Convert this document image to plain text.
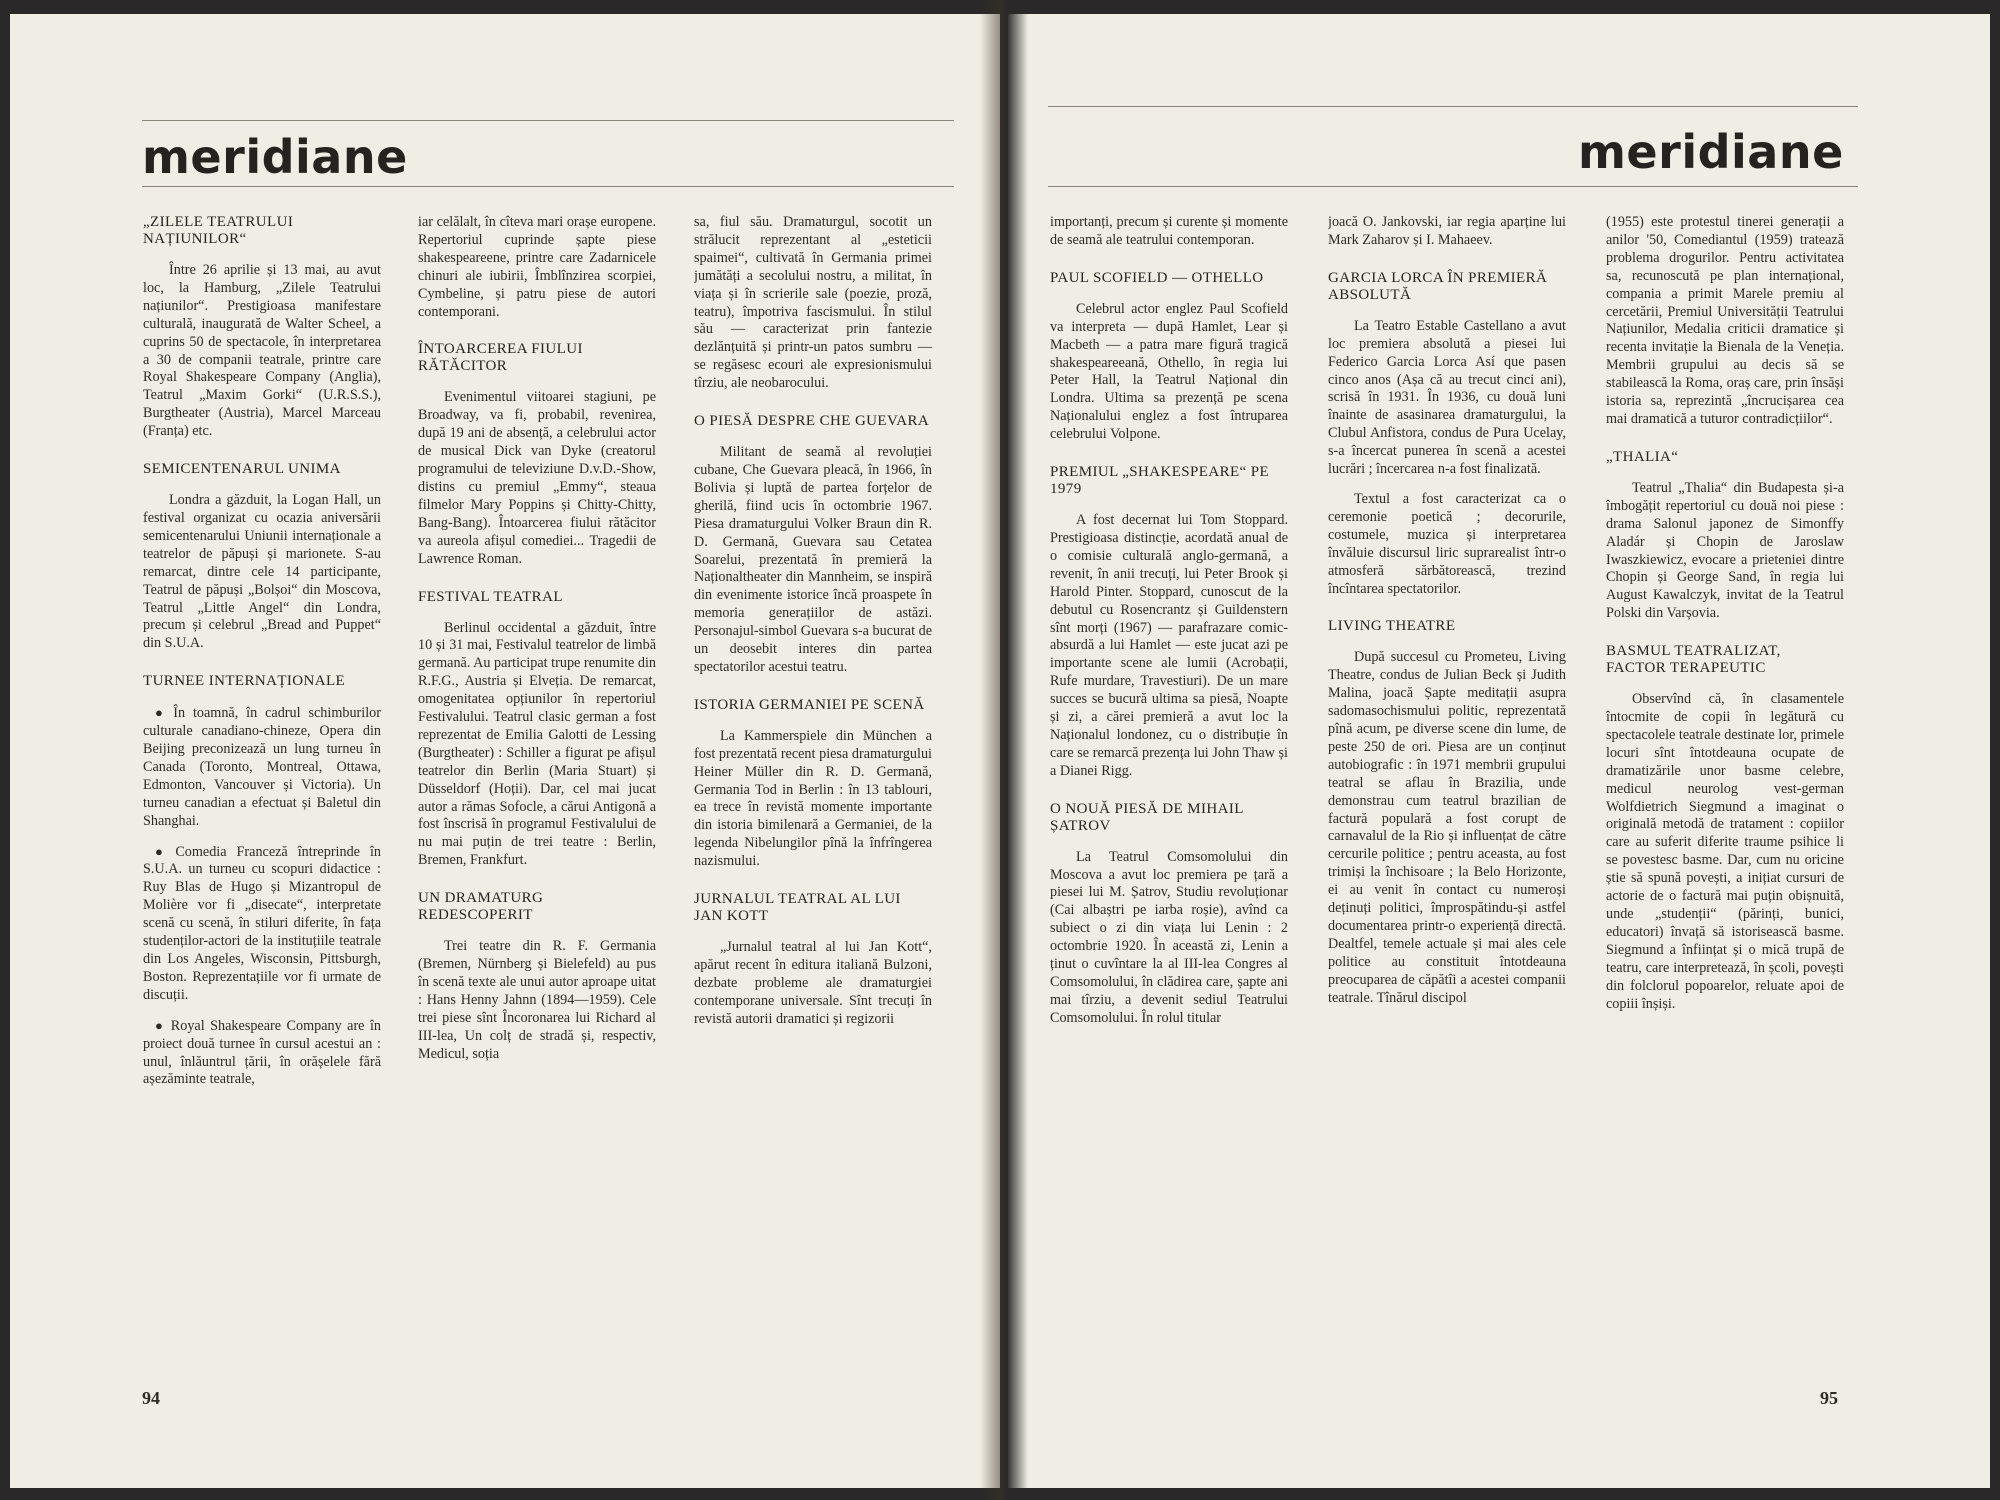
meridiane
„ZILELE TEATRULUI NAȚIUNILOR“

Între 26 aprilie și 13 mai, au avut loc, la Hamburg, „Zilele Teatrului națiunilor“. Prestigioasa manifestare culturală, inaugurată de Walter Scheel, a cuprins 50 de spectacole, în interpretarea a 30 de companii teatrale, printre care Royal Shakespeare Company (Anglia), Teatrul „Maxim Gorki“ (U.R.S.S.), Burgtheater (Austria), Marcel Marceau (Franța) etc.

SEMICENTENARUL UNIMA

Londra a găzduit, la Logan Hall, un festival organizat cu ocazia aniversării semicentenarului Uniunii internaționale a teatrelor de păpuși și marionete. S-au remarcat, dintre cele 14 participante, Teatrul de păpuși „Bolșoi“ din Moscova, Teatrul „Little Angel“ din Londra, precum și celebrul „Bread and Puppet“ din S.U.A.

TURNEE INTERNAȚIONALE

● În toamnă, în cadrul schimburilor culturale canadiano-chineze, Opera din Beijing preconizează un lung turneu în Canada (Toronto, Montreal, Ottawa, Edmonton, Vancouver și Victoria). Un turneu canadian a efectuat și Baletul din Shanghai.

● Comedia Franceză întreprinde în S.U.A. un turneu cu scopuri didactice : Ruy Blas de Hugo și Mizantropul de Molière vor fi „disecate“, interpretate scenă cu scenă, în stiluri diferite, în fața studenților-actori de la instituțiile teatrale din Los Angeles, Wisconsin, Pittsburgh, Boston. Reprezentațiile vor fi urmate de discuții.

● Royal Shakespeare Company are în proiect două turnee în cursul acestui an : unul, înlăuntrul țării, în orășelele fără așezăminte teatrale,

iar celălalt, în cîteva mari orașe europene. Repertoriul cuprinde șapte piese shakespeareene, printre care Zadarnicele chinuri ale iubirii, Îmblînzirea scorpiei, Cymbeline, și patru piese de autori contemporani.

ÎNTOARCEREA FIULUI RĂTĂCITOR

Evenimentul viitoarei stagiuni, pe Broadway, va fi, probabil, revenirea, după 19 ani de absență, a celebrului actor de musical Dick van Dyke (creatorul programului de televiziune D.v.D.-Show, distins cu premiul „Emmy“, steaua filmelor Mary Poppins și Chitty-Chitty, Bang-Bang). Întoarcerea fiului rătăcitor va aureola afișul comediei... Tragedii de Lawrence Roman.

FESTIVAL TEATRAL

Berlinul occidental a găzduit, între 10 și 31 mai, Festivalul teatrelor de limbă germană. Au participat trupe renumite din R.F.G., Austria și Elveția. De remarcat, omogenitatea opțiunilor în repertoriul Festivalului. Teatrul clasic german a fost reprezentat de Emilia Galotti de Lessing (Burgtheater) : Schiller a figurat pe afișul teatrelor din Berlin (Maria Stuart) și Düsseldorf (Hoții). Dar, cel mai jucat autor a rămas Sofocle, a cărui Antigonă a fost înscrisă în programul Festivalului de nu mai puțin de trei teatre : Berlin, Bremen, Frankfurt.

UN DRAMATURG REDESCOPERIT

Trei teatre din R. F. Germania (Bremen, Nürnberg și Bielefeld) au pus în scenă texte ale unui autor aproape uitat : Hans Henny Jahnn (1894—1959). Cele trei piese sînt Încoronarea lui Richard al III-lea, Un colț de stradă și, respectiv, Medicul, soția

sa, fiul său. Dramaturgul, socotit un strălucit reprezentant al „esteticii spaimei“, cultivată în Germania primei jumătăți a secolului nostru, a militat, în viața și în scrierile sale (poezie, proză, teatru), împotriva fascismului. În stilul său — caracterizat prin fantezie dezlănțuită și printr-un patos sumbru — se regăsesc ecouri ale expresionismului tîrziu, ale neobarocului.

O PIESĂ DESPRE CHE GUEVARA

Militant de seamă al revoluției cubane, Che Guevara pleacă, în 1966, în Bolivia și luptă de partea forțelor de gherilă, fiind ucis în octombrie 1967. Piesa dramaturgului Volker Braun din R. D. Germană, Guevara sau Cetatea Soarelui, prezentată în premieră la Naționaltheater din Mannheim, se inspiră din evenimente istorice încă proaspete în memoria generațiilor de astăzi. Personajul-simbol Guevara s-a bucurat de un deosebit interes din partea spectatorilor acestui teatru.

ISTORIA GERMANIEI PE SCENĂ

La Kammerspiele din München a fost prezentată recent piesa dramaturgului Heiner Müller din R. D. Germană, Germania Tod in Berlin : în 13 tablouri, ea trece în revistă momente importante din istoria bimilenară a Germaniei, de la legenda Nibelungilor pînă la înfrîngerea nazismului.

JURNALUL TEATRAL AL LUI JAN KOTT

„Jurnalul teatral al lui Jan Kott“, apărut recent în editura italiană Bulzoni, dezbate probleme ale dramaturgiei contemporane universale. Sînt trecuți în revistă autorii dramatici și regizorii

94
meridiane

importanți, precum și curente și momente de seamă ale teatrului contemporan.

PAUL SCOFIELD — OTHELLO

Celebrul actor englez Paul Scofield va interpreta — după Hamlet, Lear și Macbeth — a patra mare figură tragică shakespeareeană, Othello, în regia lui Peter Hall, la Teatrul Național din Londra. Ultima sa prezență pe scena Naționalului englez a fost întruparea celebrului Volpone.

PREMIUL „SHAKESPEARE“ PE 1979

A fost decernat lui Tom Stoppard. Prestigioasa distincție, acordată anual de o comisie culturală anglo-germană, a revenit, în anii trecuți, lui Peter Brook și Harold Pinter. Stoppard, cunoscut de la debutul cu Rosencrantz și Guildenstern sînt morți (1967) — parafrazare comic-absurdă a lui Hamlet — este jucat azi pe importante scene ale lumii (Acrobații, Rufe murdare, Travestiuri). De un mare succes se bucură ultima sa piesă, Noapte și zi, a cărei premieră a avut loc la Naționalul londonez, cu o distribuție în care se remarcă prezența lui John Thaw și a Dianei Rigg.

O NOUĂ PIESĂ DE MIHAIL ȘATROV

La Teatrul Comsomolului din Moscova a avut loc premiera pe țară a piesei lui M. Șatrov, Studiu revoluționar (Cai albaștri pe iarba roșie), avînd ca subiect o zi din viața lui Lenin : 2 octombrie 1920. În această zi, Lenin a ținut o cuvîntare la al III-lea Congres al Comsomolului, în clădirea care, șapte ani mai tîrziu, a devenit sediul Teatrului Comsomolului. În rolul titular

joacă O. Jankovski, iar regia aparține lui Mark Zaharov și I. Mahaeev.

GARCIA LORCA ÎN PREMIERĂ ABSOLUTĂ

La Teatro Estable Castellano a avut loc premiera absolută a piesei lui Federico Garcia Lorca Así que pasen cinco anos (Așa că au trecut cinci ani), scrisă în 1931. În 1936, cu două luni înainte de asasinarea dramaturgului, la Clubul Anfistora, condus de Pura Ucelay, s-a încercat punerea în scenă a acestei lucrări ; încercarea n-a fost finalizată.

Textul a fost caracterizat ca o ceremonie poetică ; decorurile, costumele, muzica și interpretarea învăluie discursul liric suprarealist într-o atmosferă sărbătorească, trezind încîntarea spectatorilor.

LIVING THEATRE

După succesul cu Prometeu, Living Theatre, condus de Julian Beck și Judith Malina, joacă Șapte meditații asupra sadomasochismului politic, reprezentată pînă acum, pe diverse scene din lume, de peste 250 de ori. Piesa are un conținut autobiografic : în 1971 membrii grupului teatral se aflau în Brazilia, unde demonstrau cum teatrul brazilian de factură populară a fost corupt de carnavalul de la Rio și influențat de către cercurile politice ; pentru aceasta, au fost trimiși la închisoare ; la Belo Horizonte, ei au venit în contact cu numeroși deținuți politici, împrospătindu-și astfel documentarea printr-o experiență directă. Dealtfel, temele actuale și mai ales cele politice au constituit întotdeauna preocuparea de căpătîi a acestei companii teatrale. Tînărul discipol

(1955) este protestul tinerei generații a anilor '50, Comediantul (1959) tratează problema drogurilor. Pentru activitatea sa, recunoscută pe plan internațional, compania a primit Marele premiu al cercetării, Premiul Universității Teatrului Națiunilor, Medalia criticii dramatice și recenta invitație la Bienala de la Veneția. Membrii grupului au decis să se stabilească la Roma, oraș care, prin însăși istoria sa, reprezintă „încrucișarea cea mai dramatică a tuturor contradicțiilor“.

„THALIA“

Teatrul „Thalia“ din Budapesta și-a îmbogățit repertoriul cu două noi piese : drama Salonul japonez de Simonffy Aladár și Chopin de Jaroslaw Iwaszkiewicz, evocare a prieteniei dintre Chopin și George Sand, în regia lui August Kawalczyk, invitat de la Teatrul Polski din Varșovia.

BASMUL TEATRALIZAT, FACTOR TERAPEUTIC

Observînd că, în clasamentele întocmite de copii în legătură cu spectacolele teatrale destinate lor, primele locuri sînt întotdeauna ocupate de dramatizările unor basme celebre, medicul neurolog vest-german Wolfdietrich Siegmund a imaginat o originală metodă de tratament : copiilor care au suferit diferite traume psihice li se povestesc basme. Dar, cum nu oricine știe să spună povești, a inițiat cursuri de actorie de o factură mai puțin obișnuită, unde „studenții“ (părinți, bunici, educatori) învață să istorisească basme. Siegmund a înființat și o mică trupă de teatru, care interpretează, în școli, povești din folclorul popoarelor, reluate apoi de copiii înșiși.

95
